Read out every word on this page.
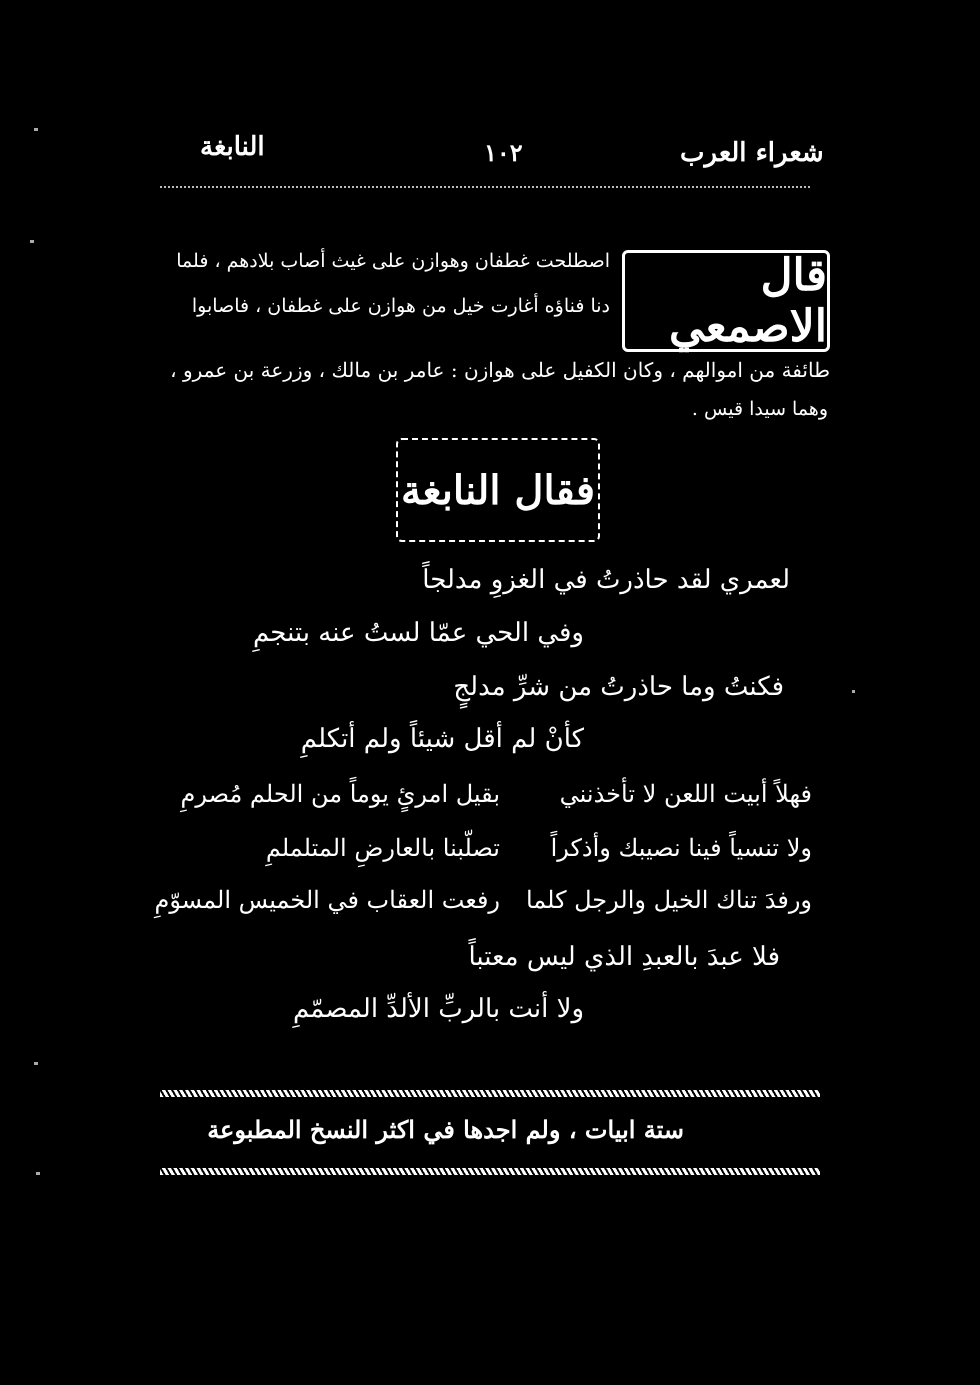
شعراء العرب
١٠٢
النابغة
قال الاصمعي
اصطلحت غطفان وهوازن على غيث أصاب بلادهم ، فلما
دنا فناؤه أغارت خيل من هوازن على غطفان ، فاصابوا
طائفة من اموالهم ، وكان الكفيل على هوازن : عامر بن مالك ، وزرعة بن عمرو ،
وهما سيدا قيس .
فقال النابغة
لعمري لقد حاذرتُ في الغزوِ مدلجاً
وفي الحي عمّا لستُ عنه بتنجمِ
فكنتُ وما حاذرتُ من شرِّ مدلجٍ
كأنْ لم أقل شيئاً ولم أتكلمِ
فهلاً أبيت اللعن لا تأخذنني
بقيل امرئٍ يوماً من الحلم مُصرمِ
ولا تنسياً فينا نصيبك وأذكراً
تصلّبنا بالعارضِ المتلملمِ
ورفدَ تناك الخيل والرجل كلما
رفعت العقاب في الخميس المسوّمِ
فلا عبدَ بالعبدِ الذي ليس معتباً
ولا أنت بالربِّ الألدِّ المصمّمِ
ستة ابيات ، ولم اجدها في اكثر النسخ المطبوعة
